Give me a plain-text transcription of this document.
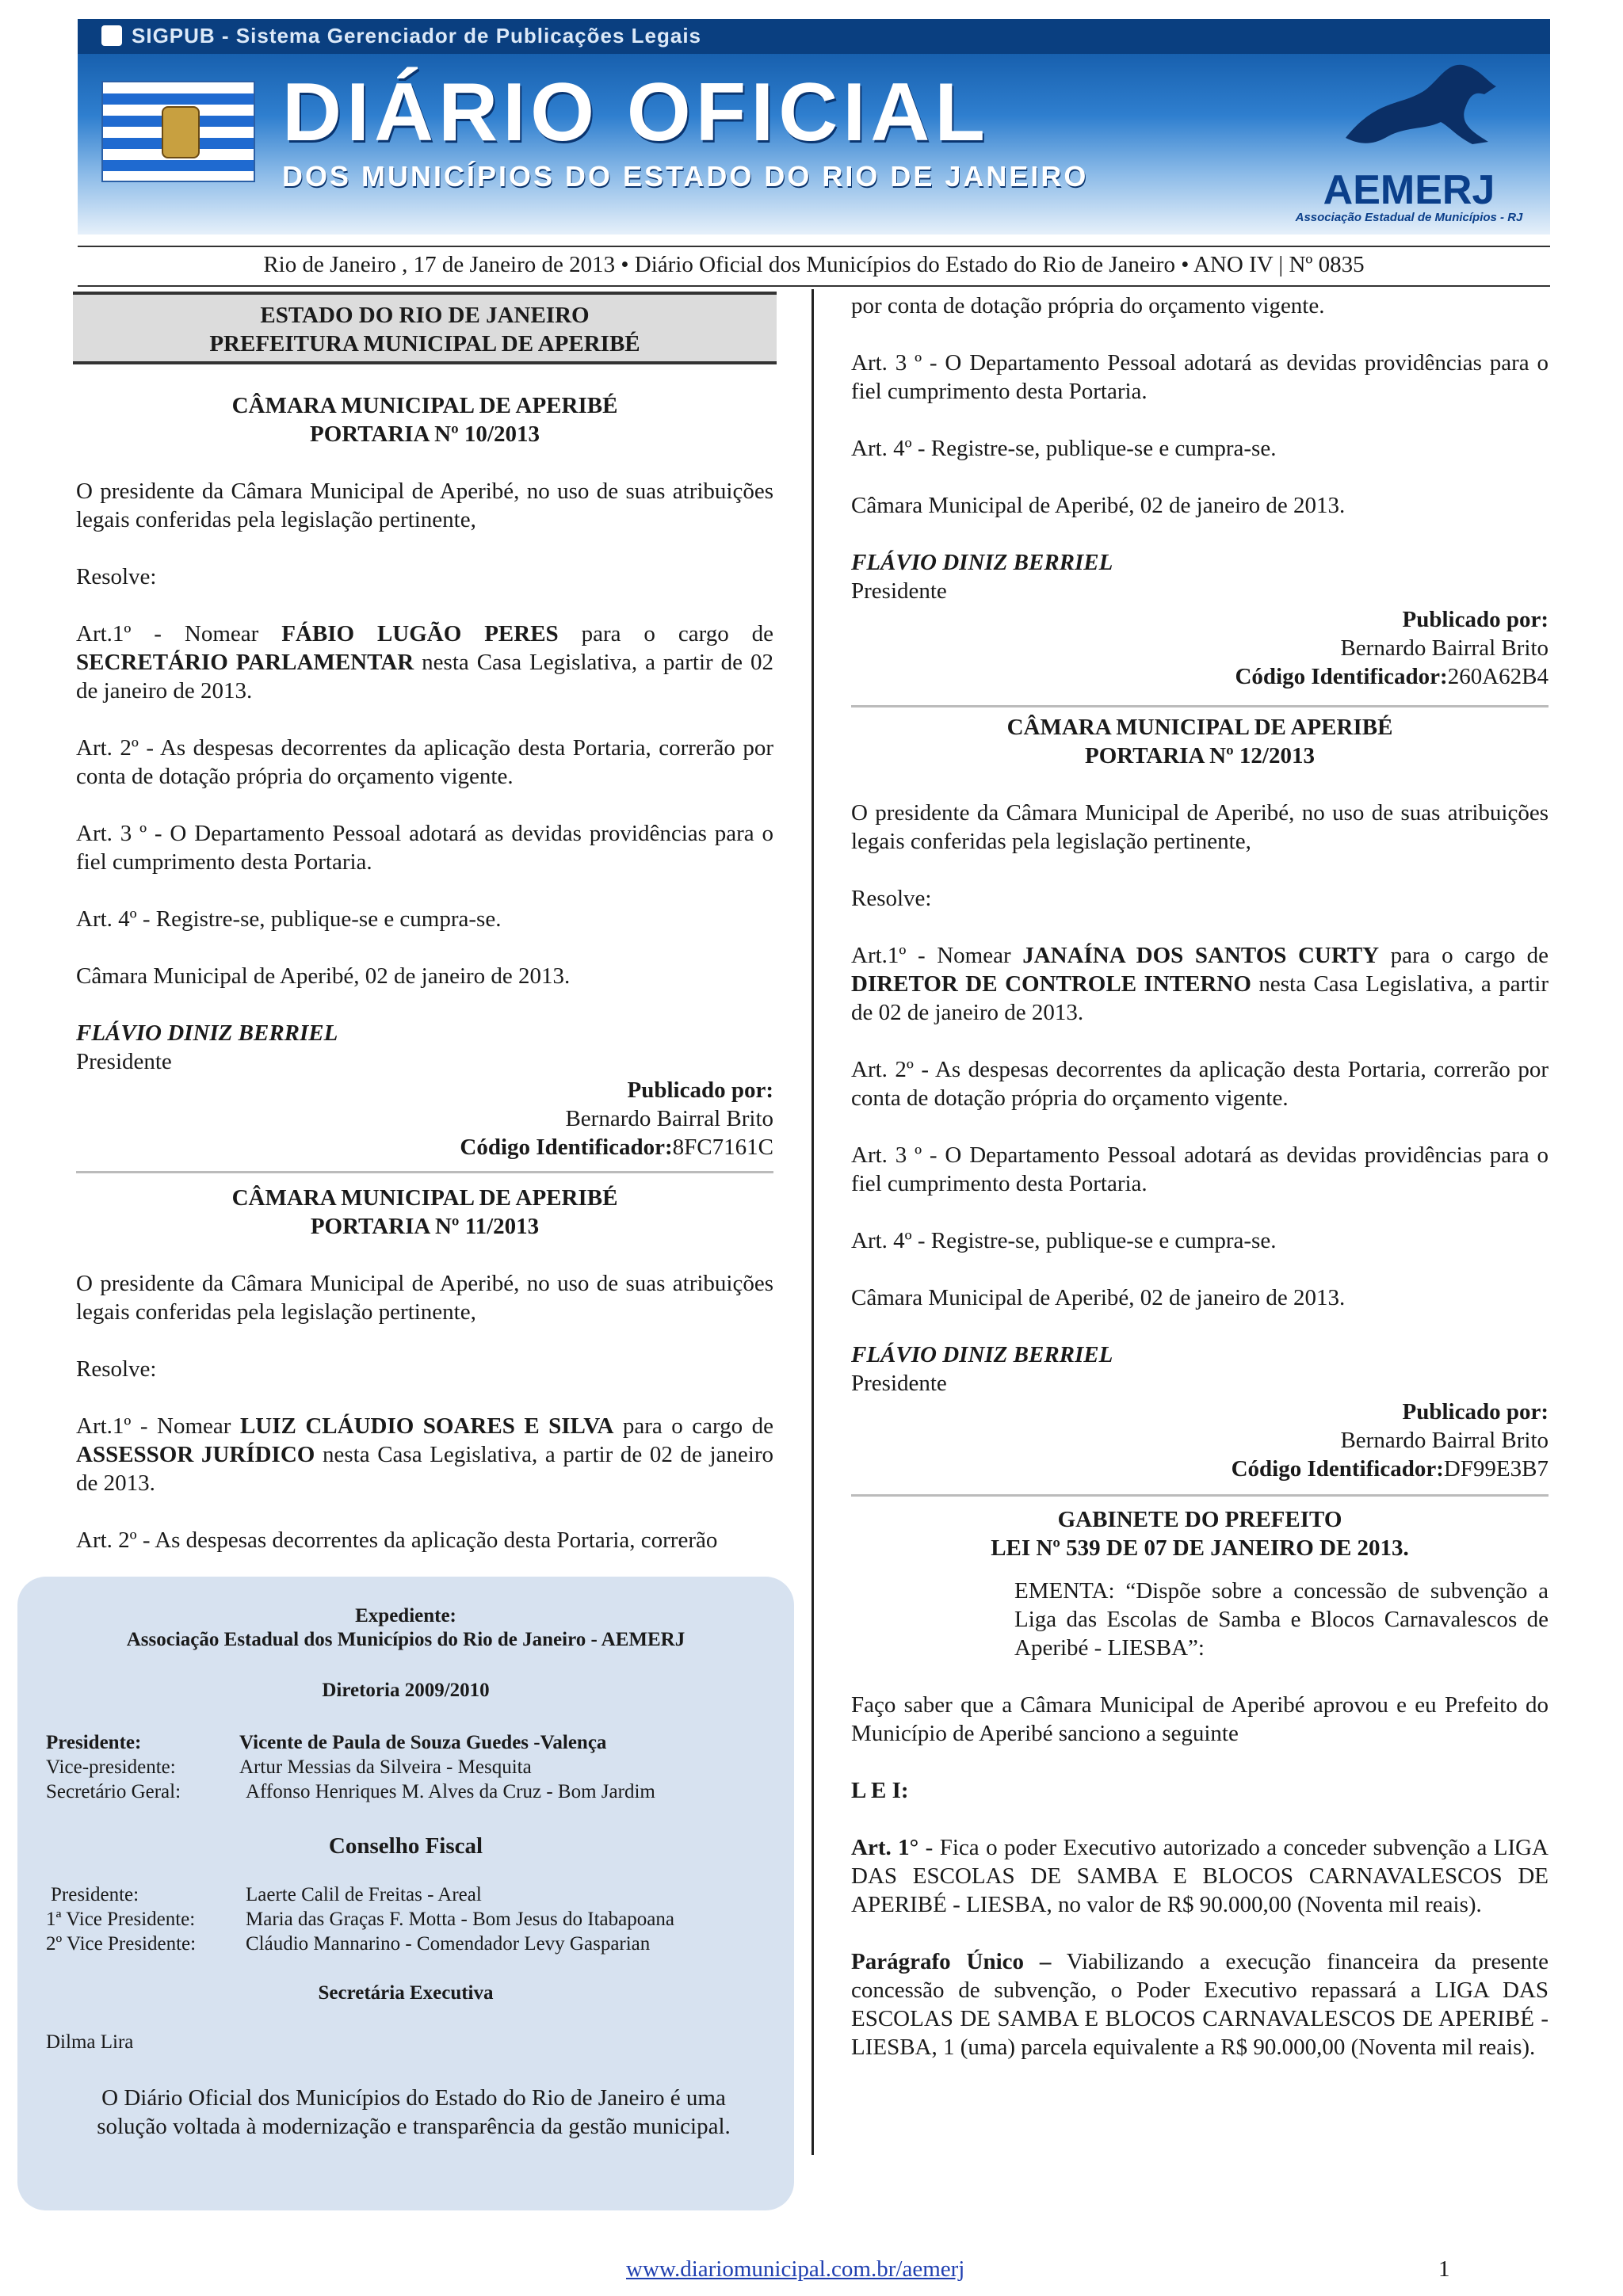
SIGPUB - Sistema Gerenciador de Publicações Legais
DIÁRIO OFICIAL
DOS MUNICÍPIOS DO ESTADO DO RIO DE JANEIRO	AEMERJ
Associação Estadual de Municípios - RJ
Rio de Janeiro , 17 de Janeiro de 2013 • Diário Oficial dos Municípios do Estado do Rio de Janeiro • ANO IV | Nº 0835
ESTADO DO RIO DE JANEIRO
PREFEITURA MUNICIPAL DE APERIBÉ

CÂMARA MUNICIPAL DE APERIBÉ

PORTARIA Nº 10/2013

O presidente da Câmara Municipal de Aperibé, no uso de suas atribuições legais conferidas pela legislação pertinente,

Resolve:

Art.1º - Nomear FÁBIO LUGÃO PERES para o cargo de SECRETÁRIO PARLAMENTAR nesta Casa Legislativa, a partir de 02 de janeiro de 2013.

Art. 2º - As despesas decorrentes da aplicação desta Portaria, correrão por conta de dotação própria do orçamento vigente.

Art. 3 º - O Departamento Pessoal adotará as devidas providências para o fiel cumprimento desta Portaria.

Art. 4º - Registre-se, publique-se e cumpra-se.

Câmara Municipal de Aperibé, 02 de janeiro de 2013.

FLÁVIO DINIZ BERRIEL

Presidente

Publicado por:

Bernardo Bairral Brito

Código Identificador:8FC7161C

CÂMARA MUNICIPAL DE APERIBÉ

PORTARIA Nº 11/2013

O presidente da Câmara Municipal de Aperibé, no uso de suas atribuições legais conferidas pela legislação pertinente,

Resolve:

Art.1º - Nomear LUIZ CLÁUDIO SOARES E SILVA para o cargo de ASSESSOR JURÍDICO nesta Casa Legislativa, a partir de 02 de janeiro de 2013.

Art. 2º - As despesas decorrentes da aplicação desta Portaria, correrão

Expediente:
Associação Estadual dos Municípios do Rio de Janeiro - AEMERJ
Diretoria 2009/2010
Presidente:	Vicente de Paula de Souza Guedes -Valença
Vice-presidente:	Artur Messias da Silveira - Mesquita
Secretário Geral:	Affonso Henriques M. Alves da Cruz - Bom Jardim
Conselho Fiscal
Presidente:	Laerte Calil de Freitas - Areal
1ª Vice Presidente:	Maria das Graças F. Motta - Bom Jesus do Itabapoana
2º Vice Presidente:	Cláudio Mannarino - Comendador Levy Gasparian
Secretária Executiva
Dilma Lira
O Diário Oficial dos Municípios do Estado do Rio de Janeiro é uma solução voltada à modernização e transparência da gestão municipal.

por conta de dotação própria do orçamento vigente.

Art. 3 º - O Departamento Pessoal adotará as devidas providências para o fiel cumprimento desta Portaria.

Art. 4º - Registre-se, publique-se e cumpra-se.

Câmara Municipal de Aperibé, 02 de janeiro de 2013.

FLÁVIO DINIZ BERRIEL

Presidente

Publicado por:

Bernardo Bairral Brito

Código Identificador:260A62B4

CÂMARA MUNICIPAL DE APERIBÉ

PORTARIA Nº 12/2013

O presidente da Câmara Municipal de Aperibé, no uso de suas atribuições legais conferidas pela legislação pertinente,

Resolve:

Art.1º - Nomear JANAÍNA DOS SANTOS CURTY para o cargo de DIRETOR DE CONTROLE INTERNO nesta Casa Legislativa, a partir de 02 de janeiro de 2013.

Art. 2º - As despesas decorrentes da aplicação desta Portaria, correrão por conta de dotação própria do orçamento vigente.

Art. 3 º - O Departamento Pessoal adotará as devidas providências para o fiel cumprimento desta Portaria.

Art. 4º - Registre-se, publique-se e cumpra-se.

Câmara Municipal de Aperibé, 02 de janeiro de 2013.

FLÁVIO DINIZ BERRIEL

Presidente

Publicado por:

Bernardo Bairral Brito

Código Identificador:DF99E3B7

GABINETE DO PREFEITO

LEI Nº 539 DE 07 DE JANEIRO DE 2013.

EMENTA: “Dispõe sobre a concessão de subvenção a Liga das Escolas de Samba e Blocos Carnavalescos de Aperibé - LIESBA”:

Faço saber que a Câmara Municipal de Aperibé aprovou e eu Prefeito do Município de Aperibé sanciono a seguinte

L E I:

Art. 1° - Fica o poder Executivo autorizado a conceder subvenção a LIGA DAS ESCOLAS DE SAMBA E BLOCOS CARNAVALESCOS DE APERIBÉ - LIESBA, no valor de R$ 90.000,00 (Noventa mil reais).

Parágrafo Único – Viabilizando a execução financeira da presente concessão de subvenção, o Poder Executivo repassará a LIGA DAS ESCOLAS DE SAMBA E BLOCOS CARNAVALESCOS DE APERIBÉ - LIESBA, 1 (uma) parcela equivalente a R$ 90.000,00 (Noventa mil reais).

www.diariomunicipal.com.br/aemerj	1
